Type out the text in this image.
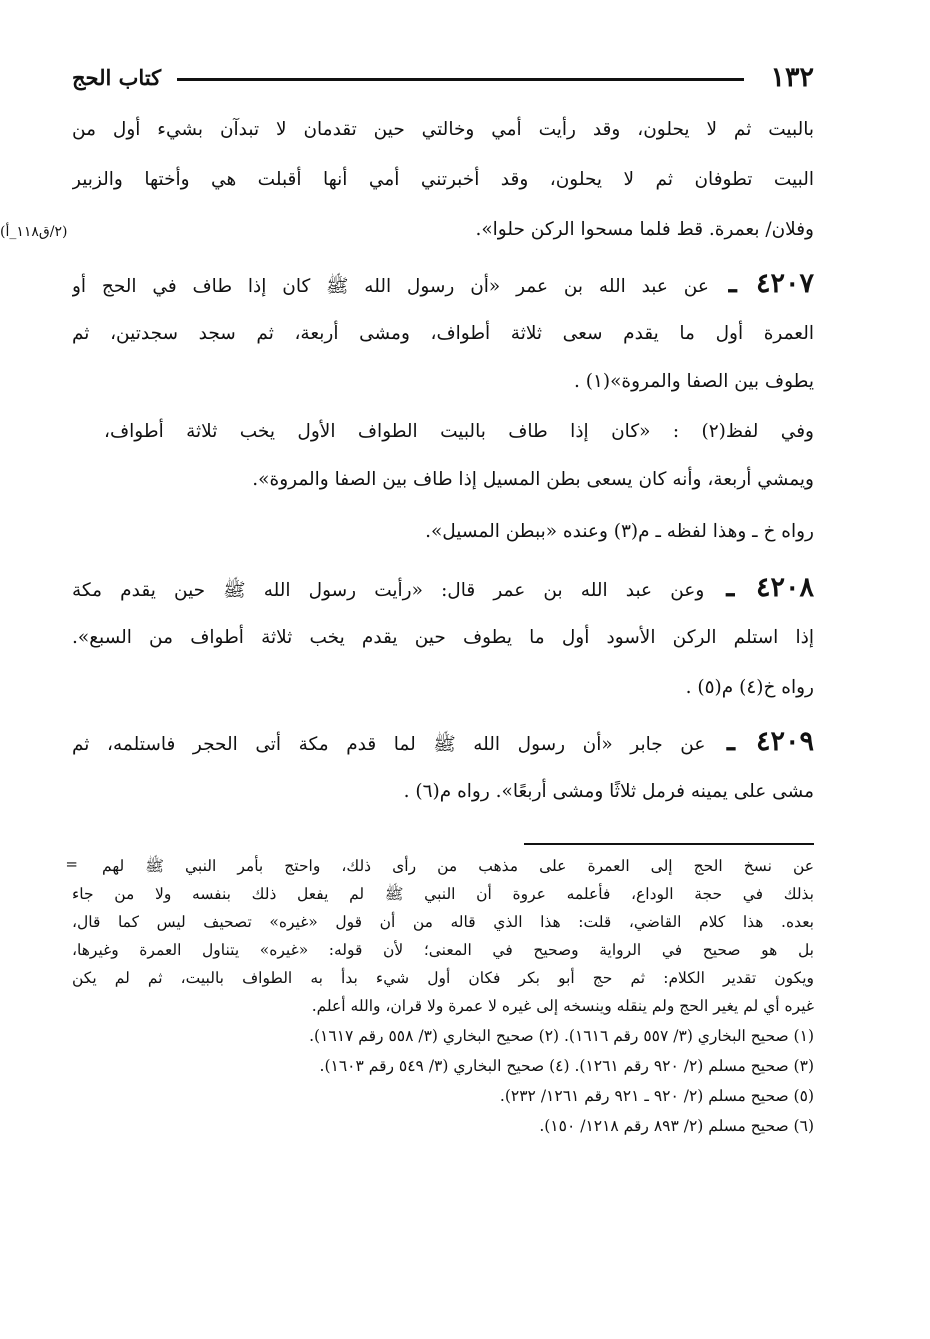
١٣٢
كتاب الحج
(٢/ق١١٨_أ)
بالبيت ثم لا يحلون، وقد رأيت أمي وخالتي حين تقدمان لا تبدآن بشيء أول من
البيت تطوفان ثم لا يحلون، وقد أخبرتني أمي أنها أقبلت هي وأختها والزبير
وفلان/ بعمرة. قط فلما مسحوا الركن حلوا».
٤٢٠٧ ـ عن عبد الله بن عمر «أن رسول الله ﷺ كان إذا طاف في الحج أو
العمرة أول ما يقدم سعى ثلاثة أطواف، ومشى أربعة، ثم سجد سجدتين، ثم
يطوف بين الصفا والمروة»(١) .
وفي لفظ(٢) : «كان إذا طاف بالبيت الطواف الأول يخب ثلاثة أطواف،
ويمشي أربعة، وأنه كان يسعى بطن المسيل إذا طاف بين الصفا والمروة».
رواه خ ـ وهذا لفظه ـ م(٣) وعنده «ببطن المسيل».
٤٢٠٨ ـ وعن عبد الله بن عمر قال: «رأيت رسول الله ﷺ حين يقدم مكة
إذا استلم الركن الأسود أول ما يطوف حين يقدم يخب ثلاثة أطواف من السبع».
رواه خ(٤) م(٥) .
٤٢٠٩ ـ عن جابر «أن رسول الله ﷺ لما قدم مكة أتى الحجر فاستلمه، ثم
مشى على يمينه فرمل ثلاثًا ومشى أربعًا». رواه م(٦) .
= عن نسخ الحج إلى العمرة على مذهب من رأى ذلك، واحتج بأمر النبي ﷺ لهم
بذلك في حجة الوداع، فأعلمه عروة أن النبي ﷺ لم يفعل ذلك بنفسه ولا من جاء
بعده. هذا كلام القاضي، قلت: هذا الذي قاله من أن قول «غيره» تصحيف ليس كما قال،
بل هو صحيح في الرواية وصحيح في المعنى؛ لأن قوله: «غيره» يتناول العمرة وغيرها،
ويكون تقدير الكلام: ثم حج أبو بكر فكان أول شيء بدأ به الطواف بالبيت، ثم لم يكن
غيره أي لم يغير الحج ولم ينقله وينسخه إلى غيره لا عمرة ولا قران، والله أعلم.
(١) صحيح البخاري (٣/ ٥٥٧ رقم ١٦١٦). (٢) صحيح البخاري (٣/ ٥٥٨ رقم ١٦١٧).
(٣) صحيح مسلم (٢/ ٩٢٠ رقم ١٢٦١). (٤) صحيح البخاري (٣/ ٥٤٩ رقم ١٦٠٣).
(٥) صحيح مسلم (٢/ ٩٢٠ ـ ٩٢١ رقم ١٢٦١/ ٢٣٢).
(٦) صحيح مسلم (٢/ ٨٩٣ رقم ١٢١٨/ ١٥٠).
